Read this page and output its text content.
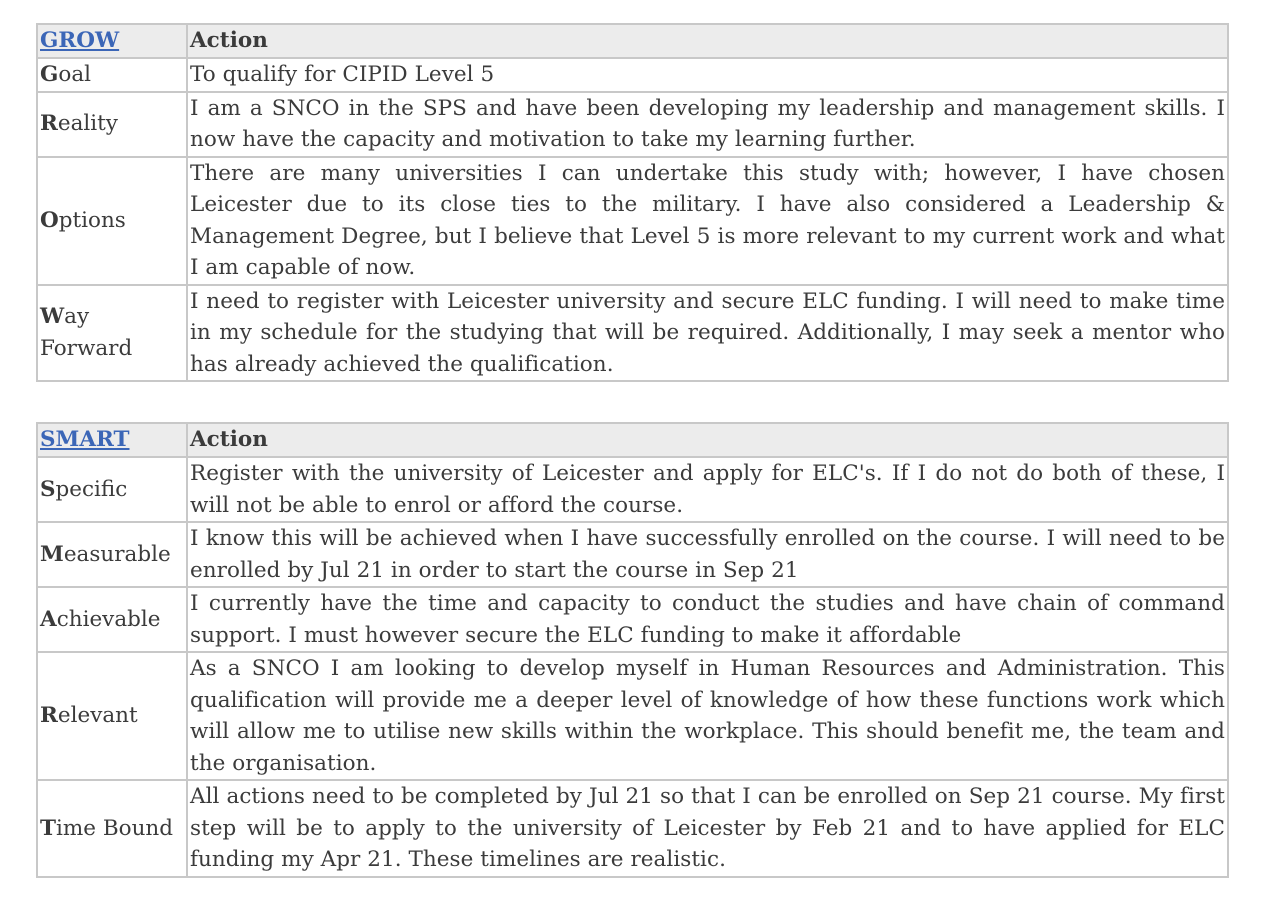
GROW	Action
Goal	To qualify for CIPID Level 5
Reality	I am a SNCO in the SPS and have been developing my leadership and management skills. I now have the capacity and motivation to take my learning further.
Options	There are many universities I can undertake this study with; however, I have chosen Leicester due to its close ties to the military. I have also considered a Leadership & Management Degree, but I believe that Level 5 is more relevant to my current work and what I am capable of now.
Way Forward	I need to register with Leicester university and secure ELC funding. I will need to make time in my schedule for the studying that will be required. Additionally, I may seek a mentor who has already achieved the qualification.
SMART	Action
Specific	Register with the university of Leicester and apply for ELC's. If I do not do both of these, I will not be able to enrol or afford the course.
Measurable	I know this will be achieved when I have successfully enrolled on the course. I will need to be enrolled by Jul 21 in order to start the course in Sep 21
Achievable	I currently have the time and capacity to conduct the studies and have chain of command support. I must however secure the ELC funding to make it affordable
Relevant	As a SNCO I am looking to develop myself in Human Resources and Administration. This qualification will provide me a deeper level of knowledge of how these functions work which will allow me to utilise new skills within the workplace. This should benefit me, the team and the organisation.
Time Bound	All actions need to be completed by Jul 21 so that I can be enrolled on Sep 21 course. My first step will be to apply to the university of Leicester by Feb 21 and to have applied for ELC funding my Apr 21. These timelines are realistic.
